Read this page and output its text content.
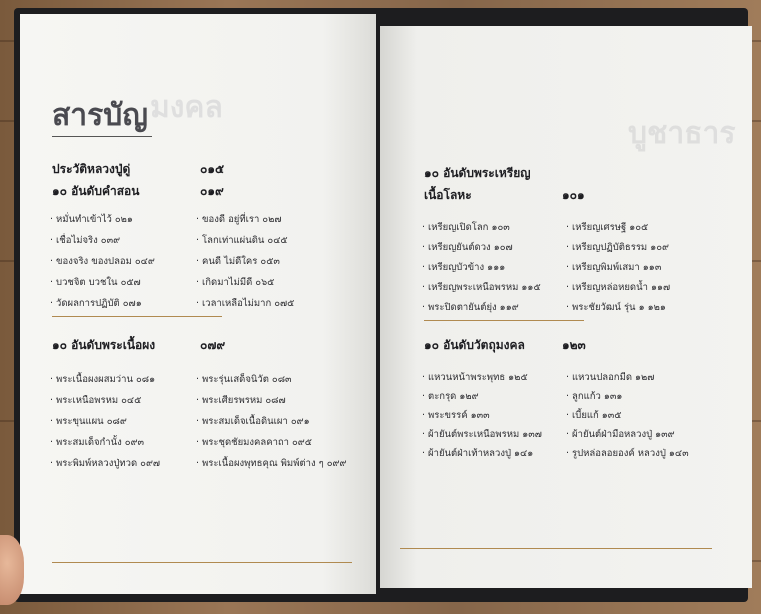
มงคล
สารบัญ
ประวัติหลวงปู่ดู่	๐๑๕
๑๐ อันดับคำสอน	๐๑๙
· หมั่นทำเข้าไว้ ๐๒๑
· เชื่อไม่จริง ๐๓๙
· ของจริง ของปลอม ๐๔๙
· บวชจิต บวชใน ๐๕๗
· วัดผลการปฏิบัติ ๐๗๑
· ของดี อยู่ที่เรา ๐๒๗
· โลกเท่าแผ่นดิน ๐๔๕
· คนดี ไม่ดีใคร ๐๕๓
· เกิดมาไม่มีดี ๐๖๕
· เวลาเหลือไม่มาก ๐๗๕
๑๐ อันดับพระเนื้อผง	๐๗๙
· พระเนื้อผงผสมว่าน ๐๘๑
· พระเหนือพรหม ๐๔๕
· พระขุนแผน ๐๘๙
· พระสมเด็จกำนั้ง ๐๙๓
· พระพิมพ์หลวงปู่ทวด ๐๙๗
· พระรุ่นเสด็จนิวัต ๐๘๓
· พระเศียรพรหม ๐๘๗
· พระสมเด็จเนื้อดินเผา ๐๙๑
· พระชุดชัยมงคลคาถา ๐๙๕
· พระเนื้อผงพุทธคุณ พิมพ์ต่าง ๆ ๐๙๙
บูชาธาร
๑๐ อันดับพระเหรียญ
เนื้อโลหะ	๑๐๑
· เหรียญเปิดโลก ๑๐๓
· เหรียญยันต์ดวง ๑๐๗
· เหรียญบัวข้าง ๑๑๑
· เหรียญพระเหนือพรหม ๑๑๕
· พระปิดตายันต์ยุ่ง ๑๑๙
· เหรียญเศรษฐี ๑๐๕
· เหรียญปฏิบัติธรรม ๑๐๙
· เหรียญพิมพ์เสมา ๑๑๓
· เหรียญหล่อหยดน้ำ ๑๑๗
· พระชัยวัฒน์ รุ่น ๑ ๑๒๑
๑๐ อันดับวัตถุมงคล	๑๒๓
· แหวนหน้าพระพุทธ ๑๒๕
· ตะกรุด ๑๒๙
· พระขรรค์ ๑๓๓
· ผ้ายันต์พระเหนือพรหม ๑๓๗
· ผ้ายันต์ฝ่าเท้าหลวงปู่ ๑๔๑
· แหวนปลอกมีด ๑๒๗
· ลูกแก้ว ๑๓๑
· เบี้ยแก้ ๑๓๕
· ผ้ายันต์ฝ่ามือหลวงปู่ ๑๓๙
· รูปหล่อลอยองค์ หลวงปู่ ๑๔๓
